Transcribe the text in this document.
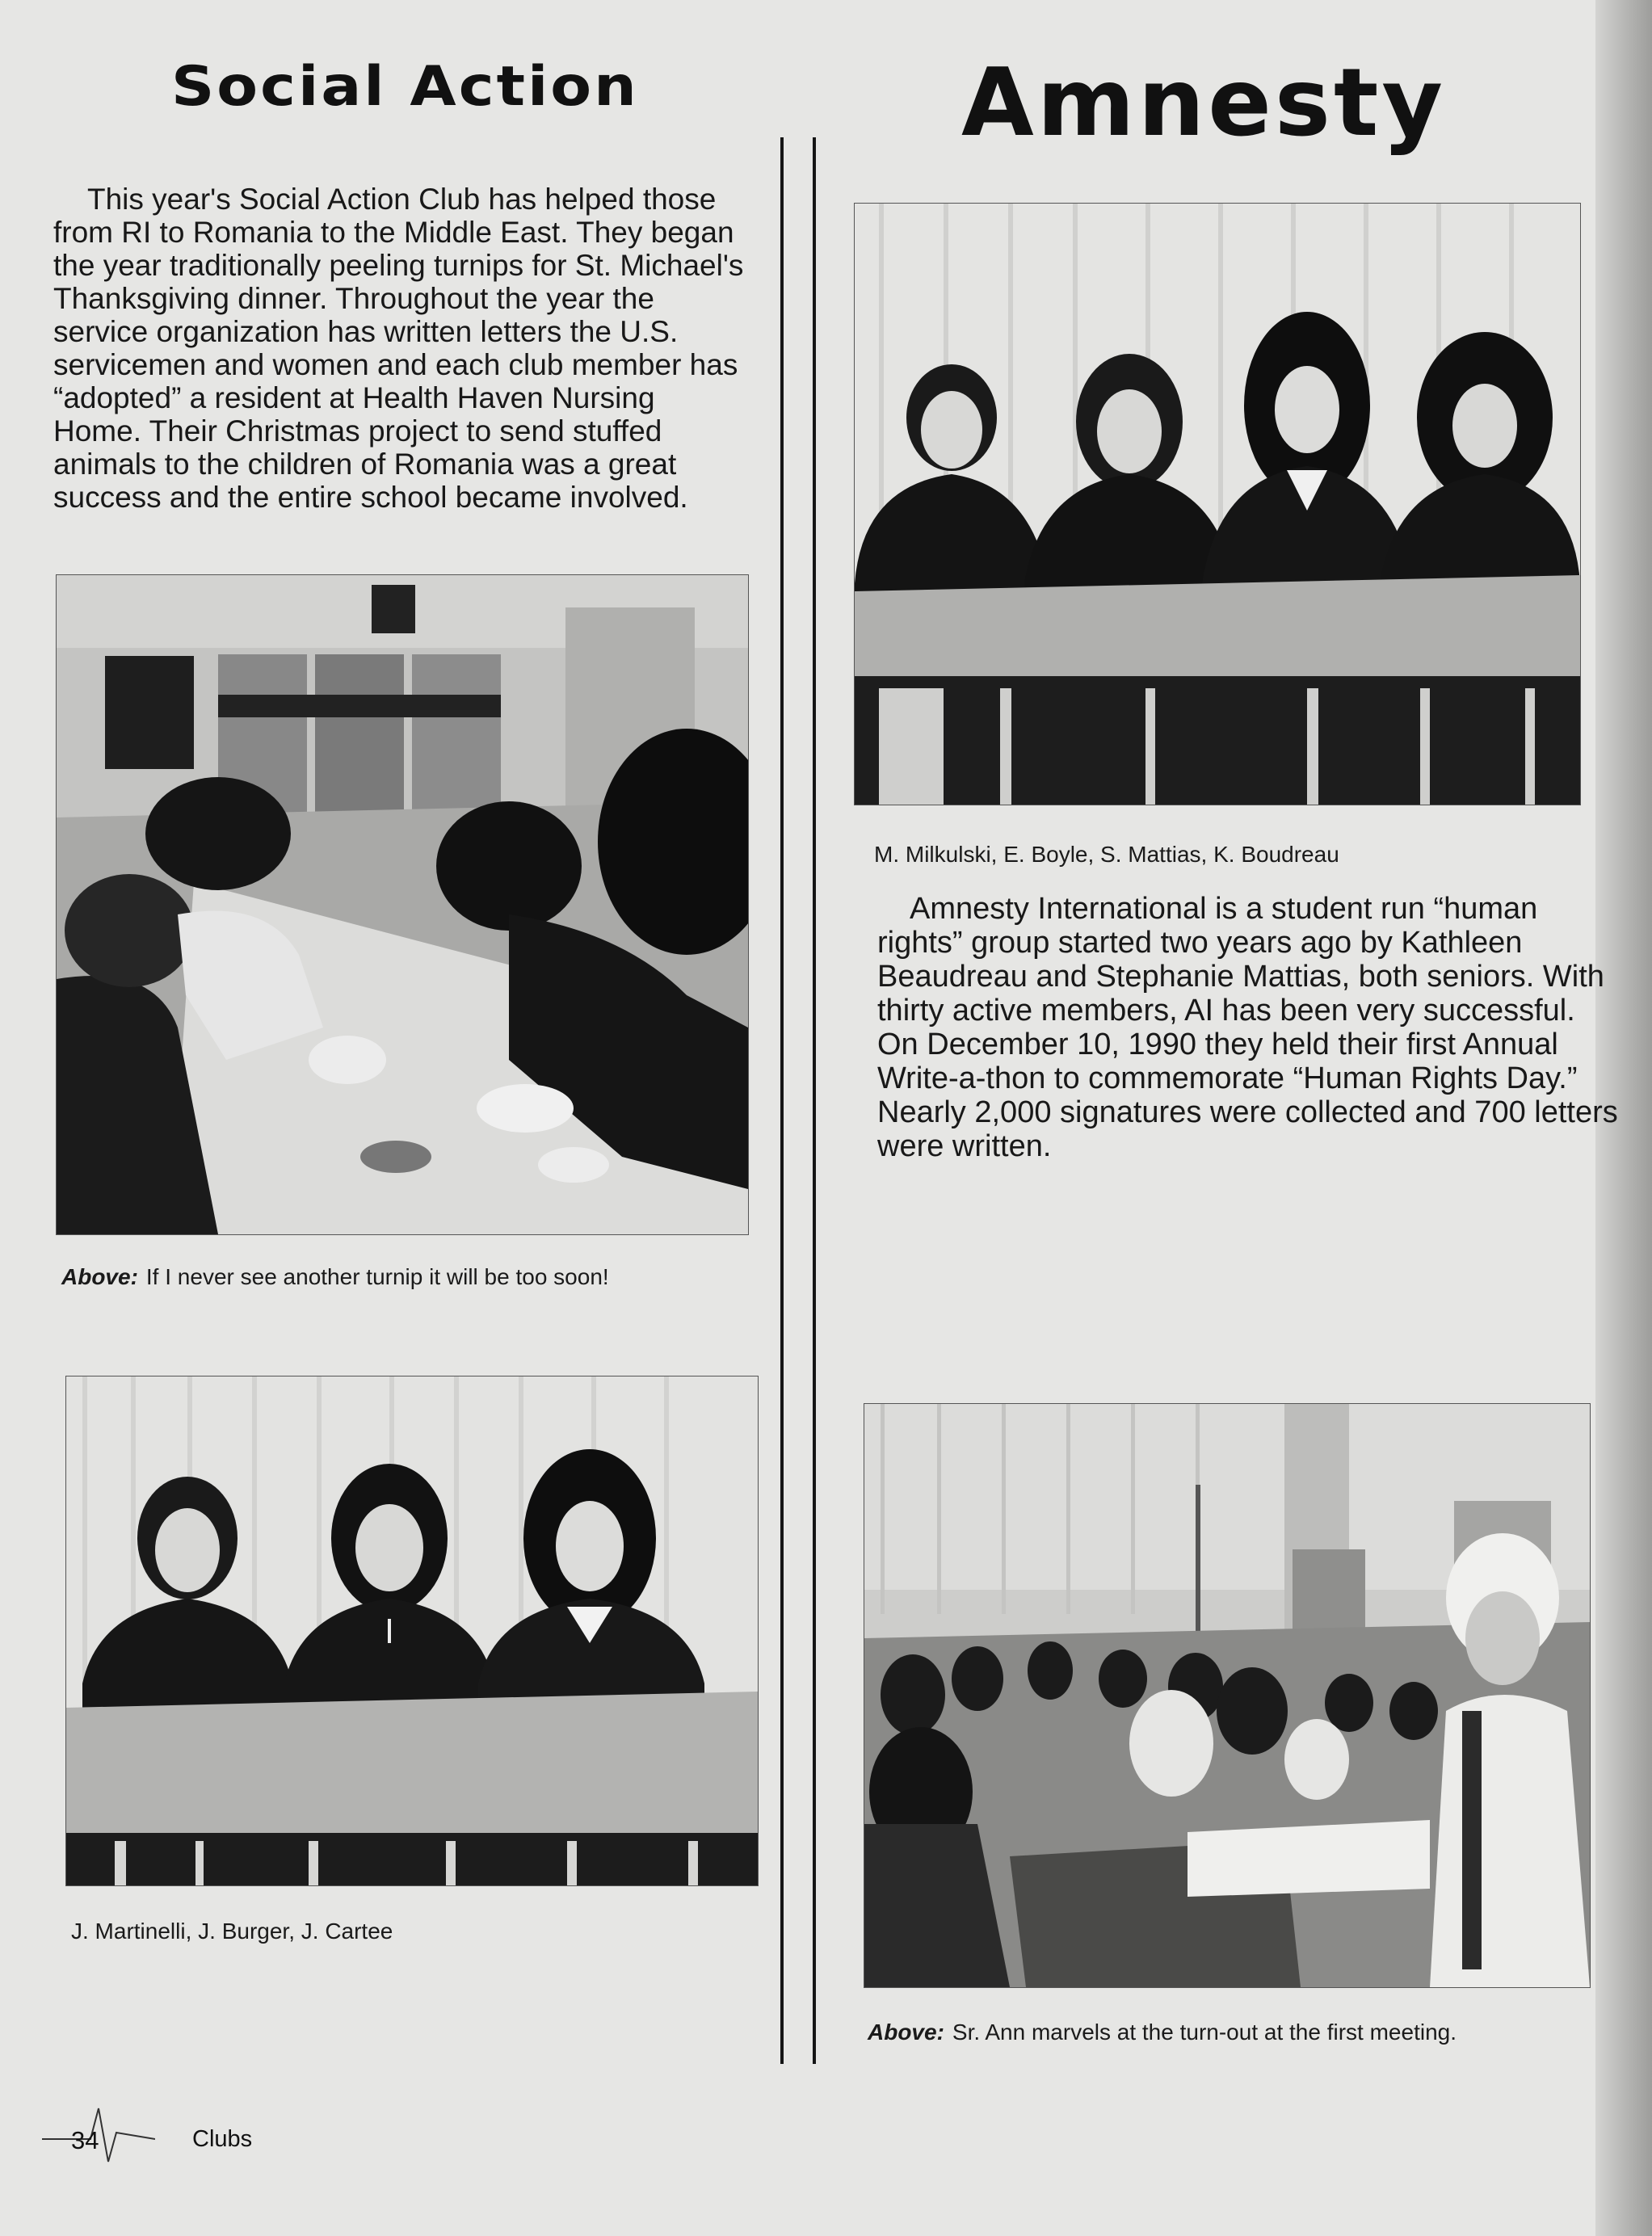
Social Action	Amnesty

This year's Social Action Club has helped those from RI to Romania to the Middle East. They began the year traditionally peeling turnips for St. Michael's Thanksgiving dinner. Throughout the year the service organization has written letters the U.S. servicemen and women and each club member has “adopted” a resident at Health Haven Nursing Home. Their Christmas project to send stuffed animals to the children of Romania was a great success and the entire school became involved.

Above: If I never see another turnip it will be too soon!

J. Martinelli, J. Burger, J. Cartee

M. Milkulski, E. Boyle, S. Mattias, K. Boudreau

Amnesty International is a student run “human rights” group started two years ago by Kathleen Beaudreau and Stephanie Mattias, both seniors. With thirty active members, AI has been very successful. On December 10, 1990 they held their first Annual Write-a-thon to commemorate “Human Rights Day.” Nearly 2,000 signatures were collected and 700 letters were written.

Above: Sr. Ann marvels at the turn-out at the first meeting.

34	Clubs
